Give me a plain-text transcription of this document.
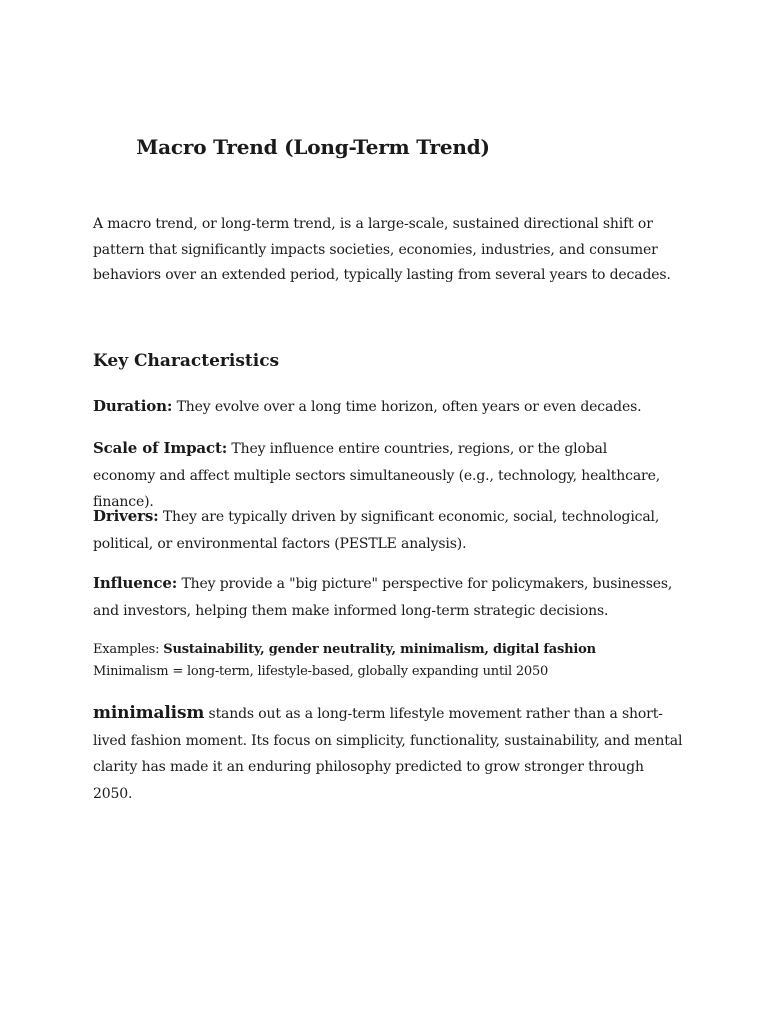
Macro Trend (Long-Term Trend)

A macro trend, or long-term trend, is a large-scale, sustained directional shift or pattern that significantly impacts societies, economies, industries, and consumer behaviors over an extended period, typically lasting from several years to decades.

Key Characteristics

Duration: They evolve over a long time horizon, often years or even decades.

Scale of Impact: They influence entire countries, regions, or the global economy and affect multiple sectors simultaneously (e.g., technology, healthcare, finance).

Drivers: They are typically driven by significant economic, social, technological, political, or environmental factors (PESTLE analysis).

Influence: They provide a "big picture" perspective for policymakers, businesses, and investors, helping them make informed long-term strategic decisions.

Examples: Sustainability, gender neutrality, minimalism, digital fashion
Minimalism = long-term, lifestyle-based, globally expanding until 2050

minimalism stands out as a long-term lifestyle movement rather than a short-lived fashion moment. Its focus on simplicity, functionality, sustainability, and mental clarity has made it an enduring philosophy predicted to grow stronger through 2050.
